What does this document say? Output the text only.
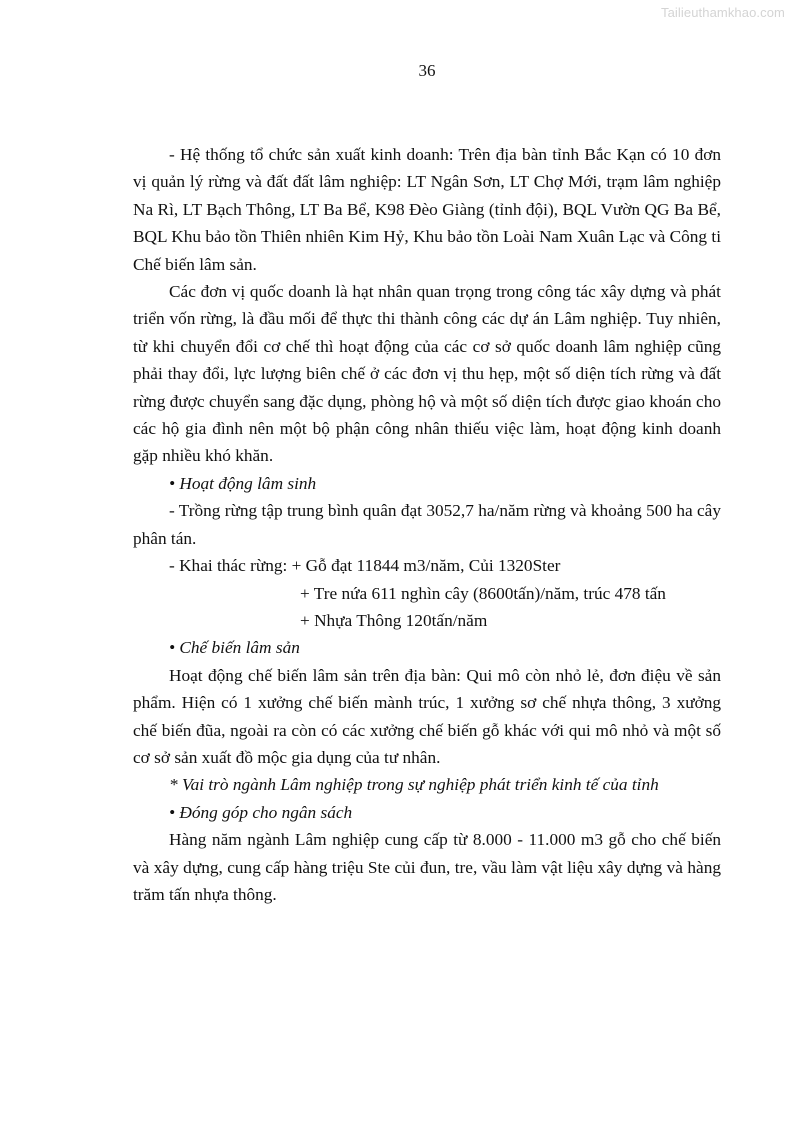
Tailieuthamkhao.com
36

- Hệ thống tổ chức sản xuất kinh doanh: Trên địa bàn tỉnh Bắc Kạn có 10 đơn vị quản lý rừng và đất đất lâm nghiệp: LT Ngân Sơn, LT Chợ Mới, trạm lâm nghiệp Na Rì, LT Bạch Thông, LT Ba Bể, K98 Đèo Giàng (tỉnh đội), BQL Vườn QG Ba Bể, BQL Khu bảo tồn Thiên nhiên Kim Hỷ, Khu bảo tồn Loài Nam Xuân Lạc và Công ti Chế biến lâm sản.

Các đơn vị quốc doanh là hạt nhân quan trọng trong công tác xây dựng và phát triển vốn rừng, là đầu mối để thực thi thành công các dự án Lâm nghiệp. Tuy nhiên, từ khi chuyển đổi cơ chế thì hoạt động của các cơ sở quốc doanh lâm nghiệp cũng phải thay đổi, lực lượng biên chế ở các đơn vị thu hẹp, một số diện tích rừng và đất rừng được chuyển sang đặc dụng, phòng hộ và một số diện tích được giao khoán cho các hộ gia đình nên một bộ phận công nhân thiếu việc làm, hoạt động kinh doanh gặp nhiều khó khăn.

• Hoạt động lâm sinh

- Trồng rừng tập trung bình quân đạt 3052,7 ha/năm rừng và khoảng 500 ha cây phân tán.

- Khai thác rừng: + Gỗ đạt 11844 m3/năm, Củi 1320Ster

+ Tre nứa 611 nghìn cây (8600tấn)/năm, trúc 478 tấn

+ Nhựa Thông 120tấn/năm

• Chế biến lâm sản

Hoạt động chế biến lâm sản trên địa bàn: Qui mô còn nhỏ lẻ, đơn điệu về sản phẩm. Hiện có 1 xưởng chế biến mành trúc, 1 xưởng sơ chế nhựa thông, 3 xưởng chế biến đũa, ngoài ra còn có các xưởng chế biến gỗ khác với qui mô nhỏ và một số cơ sở sản xuất đồ mộc gia dụng của tư nhân.

* Vai trò ngành Lâm nghiệp trong sự nghiệp phát triển kinh tế của tỉnh

• Đóng góp cho ngân sách

Hàng năm ngành Lâm nghiệp cung cấp từ 8.000 - 11.000 m3 gỗ cho chế biến và xây dựng, cung cấp hàng triệu Ste củi đun, tre, vầu làm vật liệu xây dựng và hàng trăm tấn nhựa thông.
